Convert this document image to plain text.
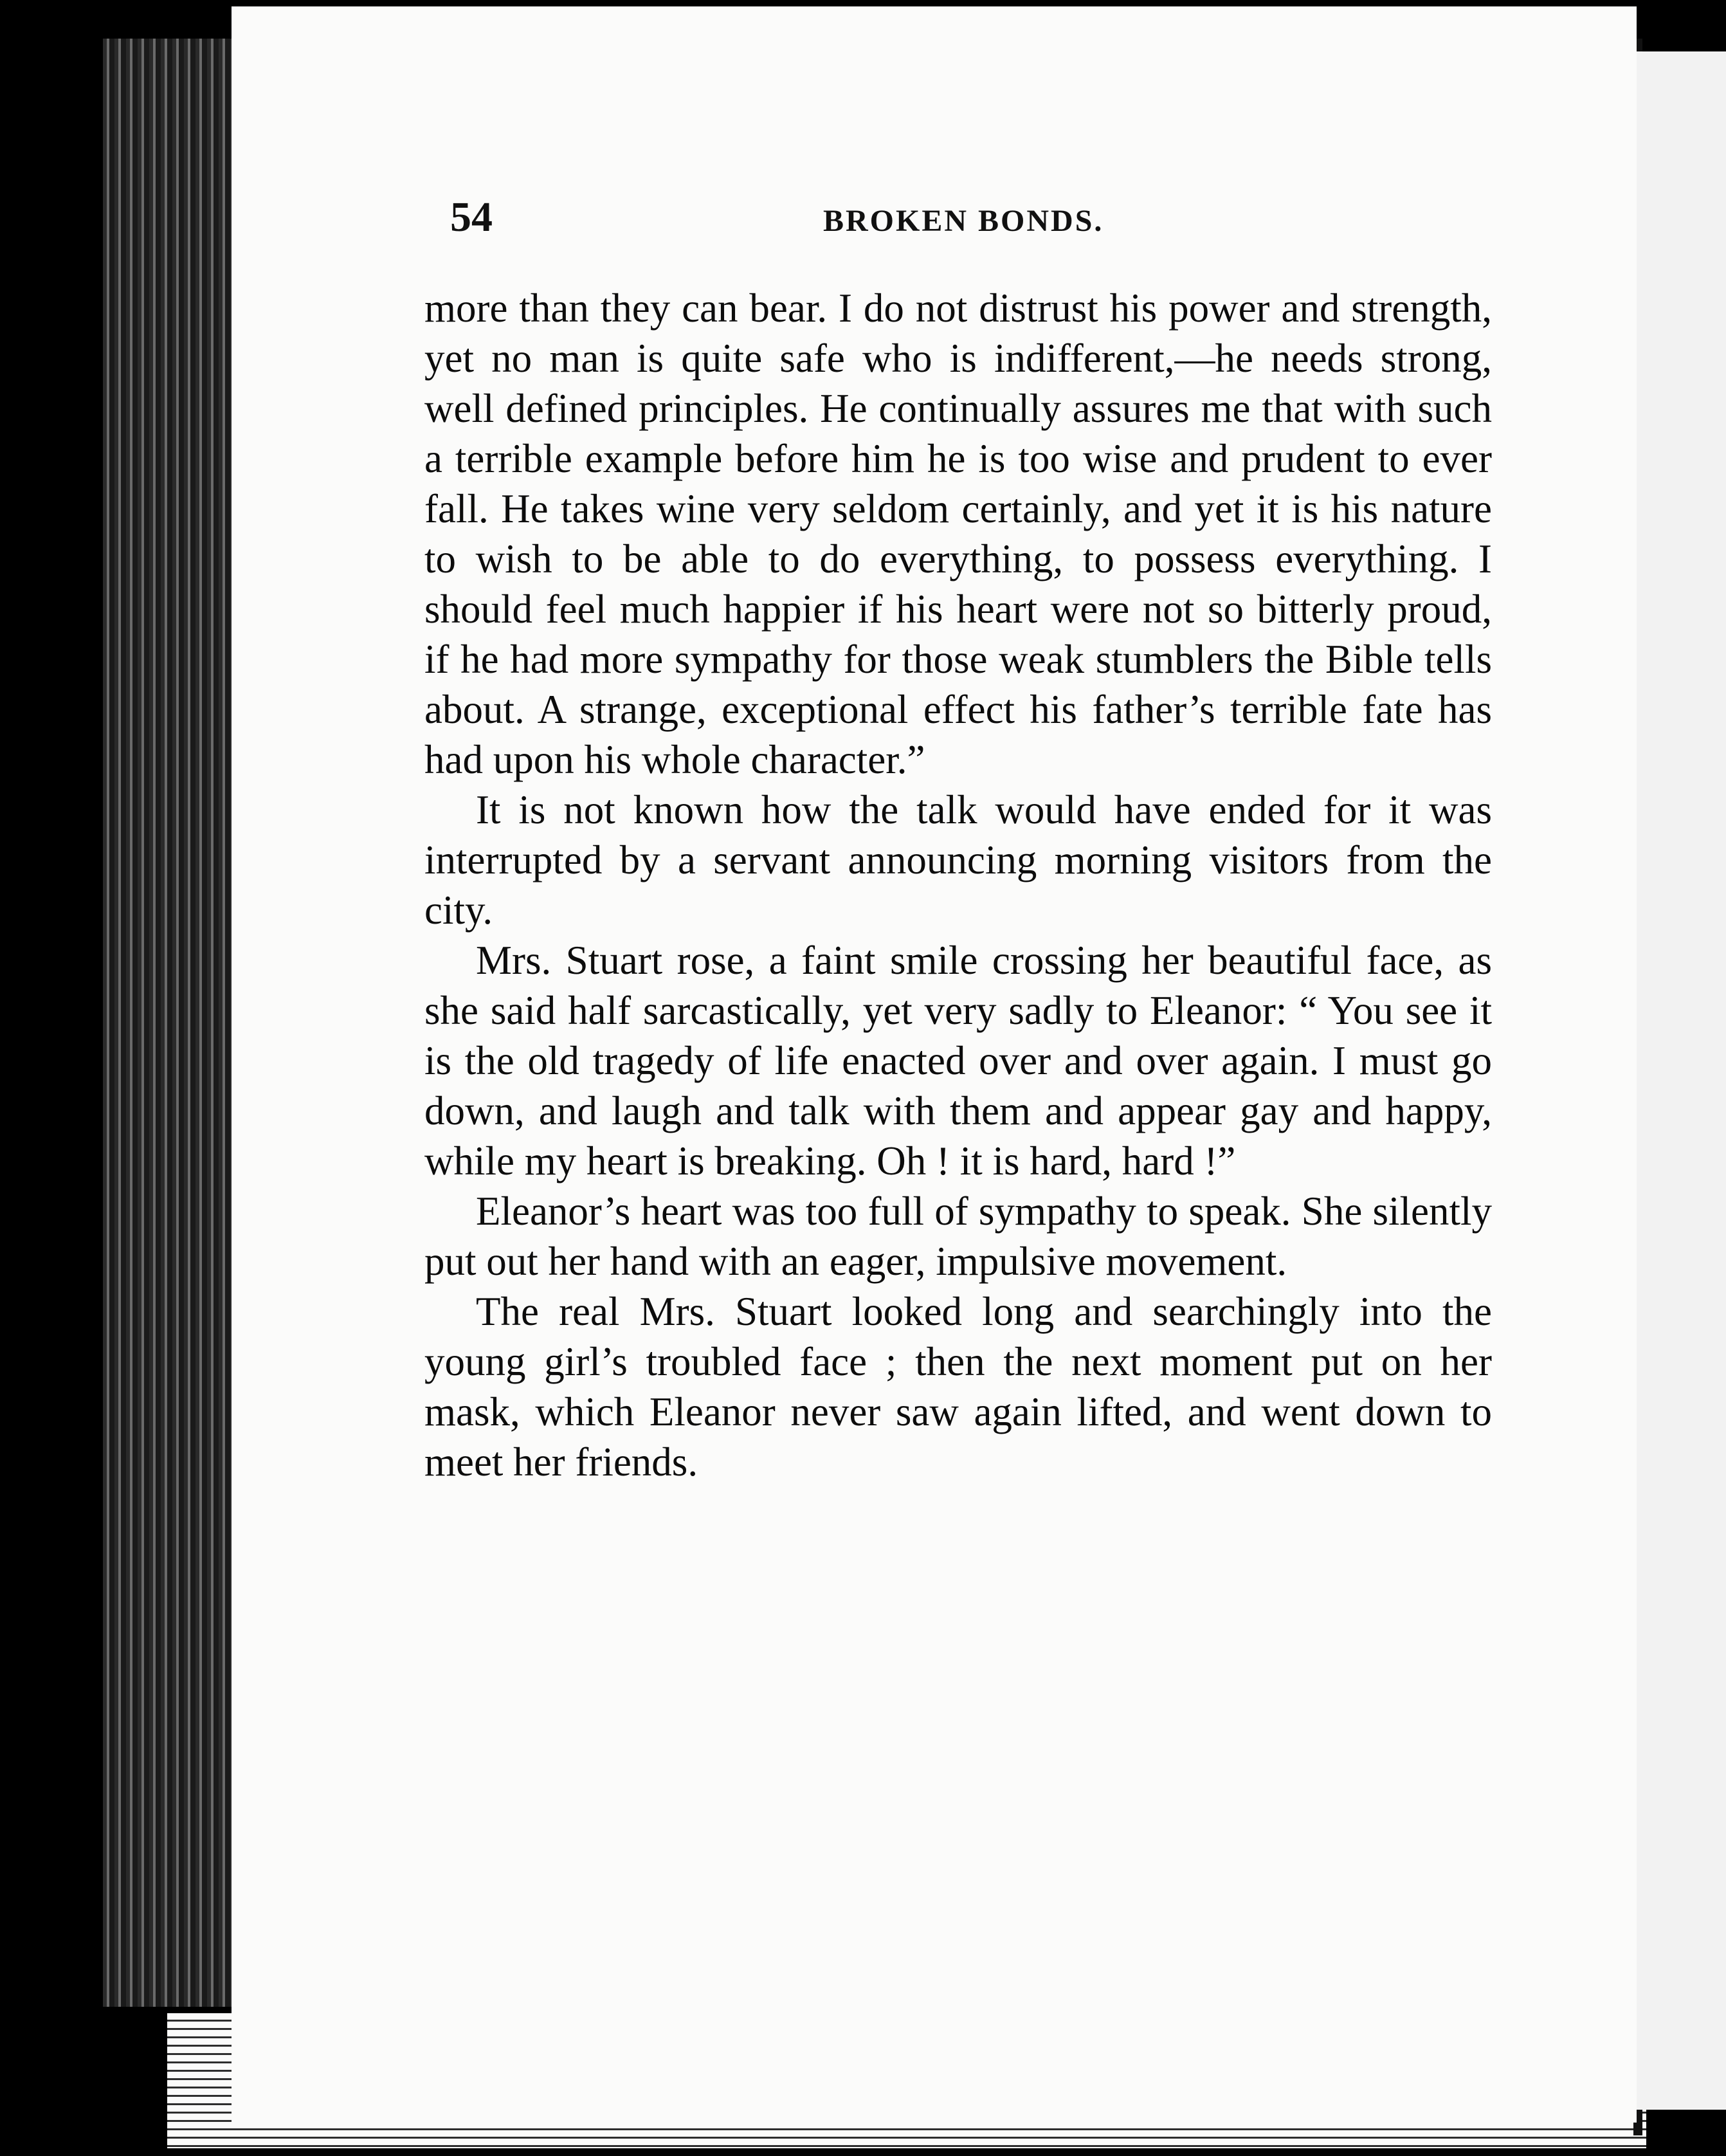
54	BROKEN BONDS.

more than they can bear. I do not distrust his power and strength, yet no man is quite safe who is indifferent,—he needs strong, well defined principles. He continually assures me that with such a terrible example before him he is too wise and prudent to ever fall. He takes wine very seldom certainly, and yet it is his nature to wish to be able to do everything, to possess everything. I should feel much happier if his heart were not so bitterly proud, if he had more sympathy for those weak stumblers the Bible tells about. A strange, exceptional effect his father’s terrible fate has had upon his whole character.”

It is not known how the talk would have ended for it was interrupted by a servant announcing morning visitors from the city.

Mrs. Stuart rose, a faint smile crossing her beautiful face, as she said half sarcastically, yet very sadly to Eleanor: “ You see it is the old tragedy of life enacted over and over again. I must go down, and laugh and talk with them and appear gay and happy, while my heart is breaking. Oh ! it is hard, hard !”

Eleanor’s heart was too full of sympathy to speak. She silently put out her hand with an eager, impulsive movement.

The real Mrs. Stuart looked long and searchingly into the young girl’s troubled face ; then the next moment put on her mask, which Eleanor never saw again lifted, and went down to meet her friends.
